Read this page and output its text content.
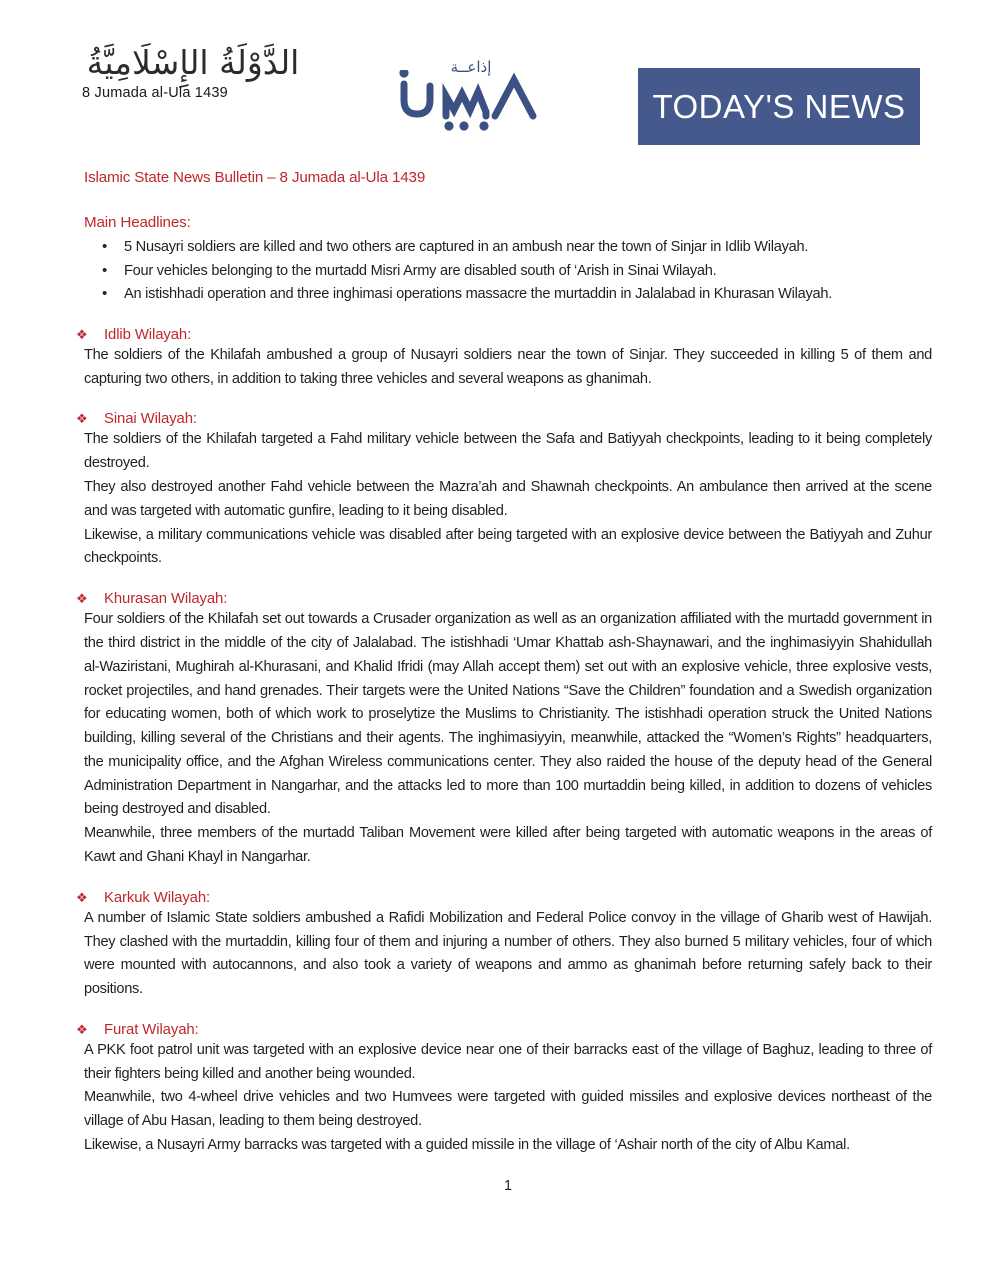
الدَّوْلَةُ الإِسْلَامِيَّةُ
8 Jumada al-Ula 1439
إذاعــة
TODAY'S NEWS
Islamic State News Bulletin – 8 Jumada al-Ula 1439
Main Headlines:
• 5 Nusayri soldiers are killed and two others are captured in an ambush near the town of Sinjar in Idlib Wilayah.
• Four vehicles belonging to the murtadd Misri Army are disabled south of ‘Arish in Sinai Wilayah.
• An istishhadi operation and three inghimasi operations massacre the murtaddin in Jalalabad in Khurasan Wilayah.
❖ Idlib Wilayah:

The soldiers of the Khilafah ambushed a group of Nusayri soldiers near the town of Sinjar. They succeeded in killing 5 of them and capturing two others, in addition to taking three vehicles and several weapons as ghanimah.

❖ Sinai Wilayah:

The soldiers of the Khilafah targeted a Fahd military vehicle between the Safa and Batiyyah checkpoints, leading to it being completely destroyed.

They also destroyed another Fahd vehicle between the Mazra’ah and Shawnah checkpoints. An ambulance then arrived at the scene and was targeted with automatic gunfire, leading to it being disabled.

Likewise, a military communications vehicle was disabled after being targeted with an explosive device between the Batiyyah and Zuhur checkpoints.

❖ Khurasan Wilayah:

Four soldiers of the Khilafah set out towards a Crusader organization as well as an organization affiliated with the murtadd government in the third district in the middle of the city of Jalalabad. The istishhadi ‘Umar Khattab ash-Shaynawari, and the inghimasiyyin Shahidullah al-Waziristani, Mughirah al-Khurasani, and Khalid Ifridi (may Allah accept them) set out with an explosive vehicle, three explosive vests, rocket projectiles, and hand grenades. Their targets were the United Nations “Save the Children” foundation and a Swedish organization for educating women, both of which work to proselytize the Muslims to Christianity. The istishhadi operation struck the United Nations building, killing several of the Christians and their agents. The inghimasiyyin, meanwhile, attacked the “Women’s Rights” headquarters, the municipality office, and the Afghan Wireless communications center. They also raided the house of the deputy head of the General Administration Department in Nangarhar, and the attacks led to more than 100 murtaddin being killed, in addition to dozens of vehicles being destroyed and disabled.

Meanwhile, three members of the murtadd Taliban Movement were killed after being targeted with automatic weapons in the areas of Kawt and Ghani Khayl in Nangarhar.

❖ Karkuk Wilayah:

A number of Islamic State soldiers ambushed a Rafidi Mobilization and Federal Police convoy in the village of Gharib west of Hawijah. They clashed with the murtaddin, killing four of them and injuring a number of others. They also burned 5 military vehicles, four of which were mounted with autocannons, and also took a variety of weapons and ammo as ghanimah before returning safely back to their positions.

❖ Furat Wilayah:

A PKK foot patrol unit was targeted with an explosive device near one of their barracks east of the village of Baghuz, leading to three of their fighters being killed and another being wounded.

Meanwhile, two 4-wheel drive vehicles and two Humvees were targeted with guided missiles and explosive devices northeast of the village of Abu Hasan, leading to them being destroyed.

Likewise, a Nusayri Army barracks was targeted with a guided missile in the village of ‘Ashair north of the city of Albu Kamal.

1
